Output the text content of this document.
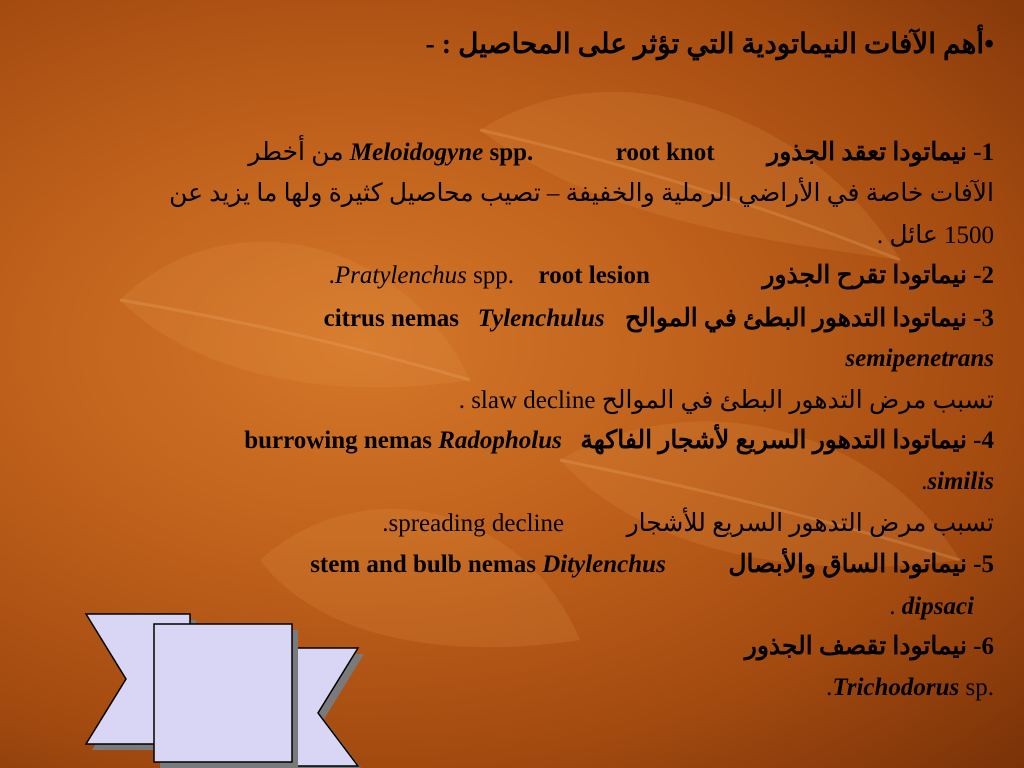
•أهم الآفات النيماتودية التي تؤثر على المحاصيل : -
1- نيماتودا تعقد الجذور  root knot  Meloidogyne spp. من أخطر
الآفات خاصة في الأراضي الرملية والخفيفة – تصيب محاصيل كثيرة ولها ما يزيد عن
1500 عائل .
2- نيماتودا تقرح الجذور  root lesion  .Pratylenchus spp.
3- نيماتودا التدهور البطئ في الموالح  citrus nemas Tylenchulus
semipenetrans
تسبب مرض التدهور البطئ في الموالح slaw decline .
4- نيماتودا التدهور السريع لأشجار الفاكهة  burrowing nemas Radopholus
.similis
تسبب مرض التدهور السريع للأشجار  .spreading decline
5- نيماتودا الساق والأبصال  stem and bulb nemas Ditylenchus
. dipsaci
6- نيماتودا تقصف الجذور
.Trichodorus sp.
